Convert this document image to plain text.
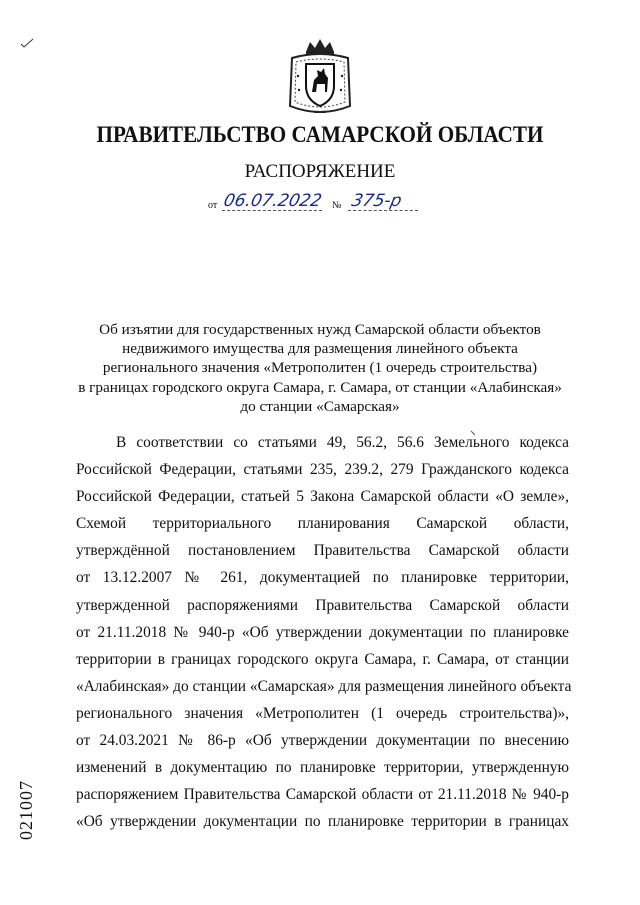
ПРАВИТЕЛЬСТВО САМАРСКОЙ ОБЛАСТИ
РАСПОРЯЖЕНИЕ
от 06.07.2022 № 375-р
Об изъятии для государственных нужд Самарской области объектов
недвижимого имущества для размещения линейного объекта
регионального значения «Метрополитен (1 очередь строительства)
в границах городского округа Самара, г. Самара, от станции «Алабинская»
до станции «Самарская»
В соответствии со статьями 49, 56.2, 56.6 Земельного кодекса
Российской Федерации, статьями 235, 239.2, 279 Гражданского кодекса
Российской Федерации, статьей 5 Закона Самарской области «О земле»,
Схемой территориального планирования Самарской области,
утверждённой постановлением Правительства Самарской области
от 13.12.2007 № 261, документацией по планировке территории,
утвержденной распоряжениями Правительства Самарской области
от 21.11.2018 № 940-р «Об утверждении документации по планировке
территории в границах городского округа Самара, г. Самара, от станции
«Алабинская» до станции «Самарская» для размещения линейного объекта
регионального значения «Метрополитен (1 очередь строительства)»,
от 24.03.2021 № 86-р «Об утверждении документации по внесению
изменений в документацию по планировке территории, утвержденную
распоряжением Правительства Самарской области от 21.11.2018 № 940-р
«Об утверждении документации по планировке территории в границах
021007
